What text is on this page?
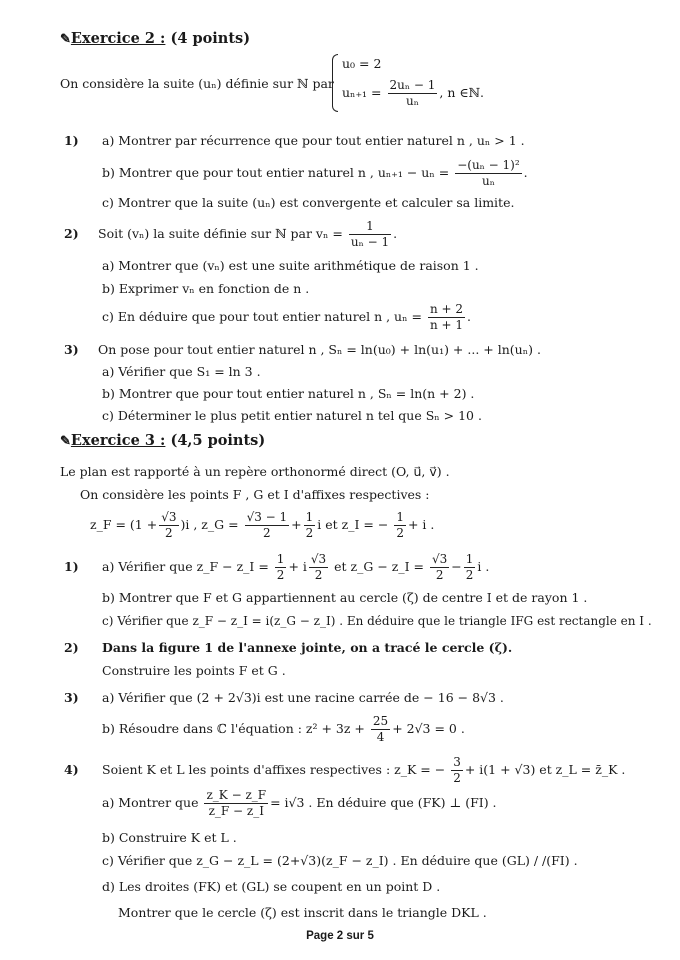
✎Exercice 2 : (4 points)
On considère la suite (uₙ) définie sur ℕ par
u₀ = 2
$u_{n+1} = \frac{\text{2uₙ − 1}}{\text{uₙ}}$ , n ∈ℕ.
1) a) Montrer par récurrence que pour tout entier naturel n , uₙ > 1 .
b) Montrer que pour tout entier naturel n , $u_{n+1} - u_n = \frac{\text{−(uₙ − 1)²}}{\text{uₙ}}$ .
c) Montrer que la suite (uₙ) est convergente et calculer sa limite.
2) Soit (vₙ) la suite définie sur ℕ par $v_n = \frac{1}{\text{uₙ − 1}}$ .
a) Montrer que (vₙ) est une suite arithmétique de raison 1 .
b) Exprimer vₙ en fonction de n .
c) En déduire que pour tout entier naturel n , $u_n = \frac{n + 2}{n + 1}$ .
3) On pose pour tout entier naturel n , Sₙ = ln(u₀) + ln(u₁) + ... + ln(uₙ) .
a) Vérifier que S₁ = ln 3 .
b) Montrer que pour tout entier naturel n , Sₙ = ln(n + 2) .
c) Déterminer le plus petit entier naturel n tel que Sₙ > 10 .
✎Exercice 3 : (4,5 points)
Le plan est rapporté à un repère orthonormé direct (O, u⃗, v⃗) .
On considère les points F , G et I d'affixes respectives :
z_F = $(1 + \frac{√3}{2} )i$ , z_G = $\frac{√3 - 1}{2} + \frac{1}{2}$ i et z_I = − $\frac{1}{2} + i$ .
1) a) Vérifier que z_F − z_I = $\frac{1}{2} + i \frac{√3}{2}$ et z_G − z_I = $\frac{√3}{2} - \frac{1}{2}$ i .
b) Montrer que F et G appartiennent au cercle (ζ) de centre I et de rayon 1 .
c) Vérifier que z_F − z_I = i(z_G − z_I) . En déduire que le triangle IFG est rectangle en I .
2) Dans la figure 1 de l'annexe jointe, on a tracé le cercle (ζ).
Construire les points F et G .
3) a) Vérifier que (2 + 2√3)i est une racine carrée de − 16 − 8√3 .
b) Résoudre dans ℂ l'équation : $z^2 + 3z + \frac{25}{4} + 2√3 = 0$ .
4) Soient K et L les points d'affixes respectives : z_K = − $\frac{3}{2} + i(1 + √3)$ et z_L = z̄_K .
a) Montrer que $\frac{z\_K - z\_F}{z\_F - z\_I} = i√3$ . En déduire que (FK) ⊥ (FI) .
b) Construire K et L .
c) Vérifier que z_G − z_L = (2+√3)(z_F − z_I) . En déduire que (GL) / /(FI) .
d) Les droites (FK) et (GL) se coupent en un point D .
Montrer que le cercle (ζ) est inscrit dans le triangle DKL .
Page 2 sur 5
